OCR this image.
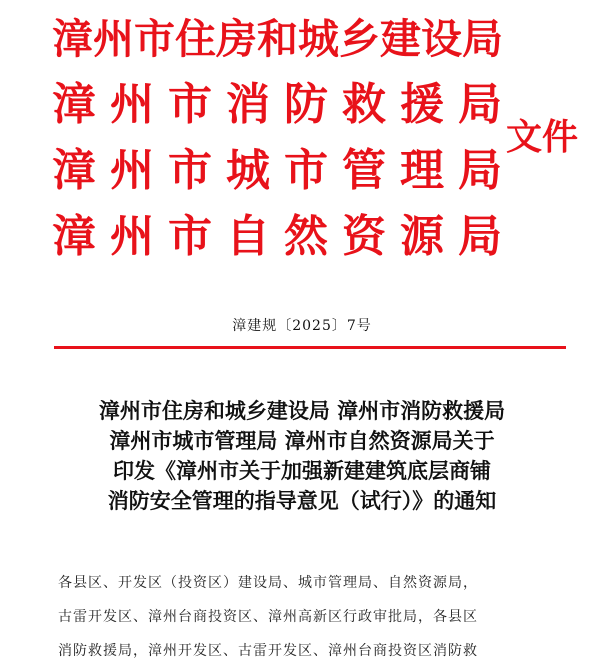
漳州市住房和城乡建设局
漳州市消防救援局
漳州市城市管理局
漳州市自然资源局
文件
漳建规〔2025〕7号
漳州市住房和城乡建设局 漳州市消防救援局
漳州市城市管理局 漳州市自然资源局关于
印发《漳州市关于加强新建建筑底层商铺
消防安全管理的指导意见（试行）》的通知
各县区、开发区（投资区）建设局、城市管理局、自然资源局，
古雷开发区、漳州台商投资区、漳州高新区行政审批局，各县区
消防救援局，漳州开发区、古雷开发区、漳州台商投资区消防救
